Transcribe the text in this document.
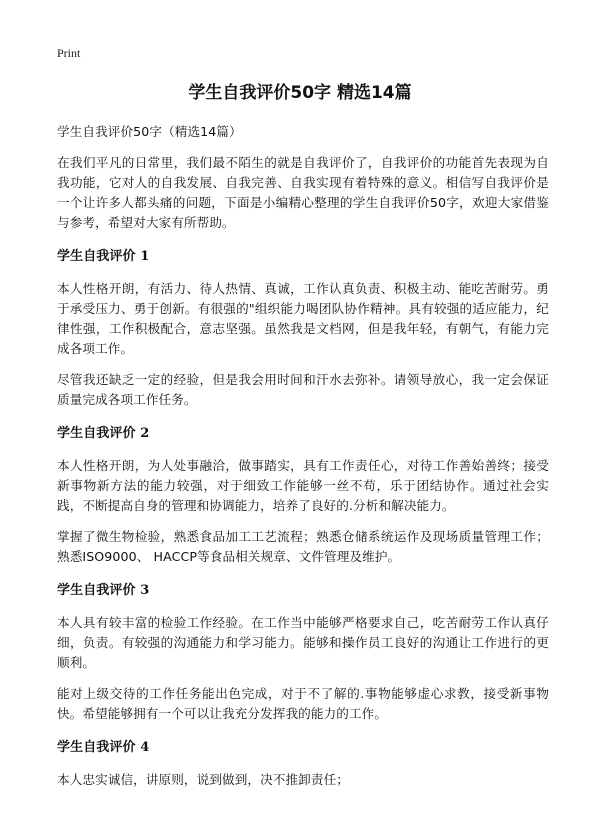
Print
学生自我评价50字 精选14篇

学生自我评价50字（精选14篇）

在我们平凡的日常里，我们最不陌生的就是自我评价了，自我评价的功能首先表现为自我功能，它对人的自我发展、自我完善、自我实现有着特殊的意义。相信写自我评价是一个让许多人都头痛的问题，下面是小编精心整理的学生自我评价50字，欢迎大家借鉴与参考，希望对大家有所帮助。

学生自我评价 1

本人性格开朗，有活力、待人热情、真诚，工作认真负责、积极主动、能吃苦耐劳。勇于承受压力、勇于创新。有很强的"组织能力喝团队协作精神。具有较强的适应能力，纪律性强，工作积极配合，意志坚强。虽然我是文档网，但是我年轻，有朝气，有能力完成各项工作。

尽管我还缺乏一定的经验，但是我会用时间和汗水去弥补。请领导放心，我一定会保证质量完成各项工作任务。

学生自我评价 2

本人性格开朗，为人处事融洽，做事踏实，具有工作责任心，对待工作善始善终；接受新事物新方法的能力较强，对于细致工作能够一丝不苟，乐于团结协作。通过社会实践，不断提高自身的管理和协调能力，培养了良好的.分析和解决能力。

掌握了微生物检验，熟悉食品加工工艺流程；熟悉仓储系统运作及现场质量管理工作；熟悉ISO9000、 HACCP等食品相关规章、文件管理及维护。

学生自我评价 3

本人具有较丰富的检验工作经验。在工作当中能够严格要求自己，吃苦耐劳工作认真仔细，负责。有较强的沟通能力和学习能力。能够和操作员工良好的沟通让工作进行的更顺利。

能对上级交待的工作任务能出色完成，对于不了解的.事物能够虚心求教，接受新事物快。希望能够拥有一个可以让我充分发挥我的能力的工作。

学生自我评价 4

本人忠实诚信，讲原则，说到做到，决不推卸责任；
